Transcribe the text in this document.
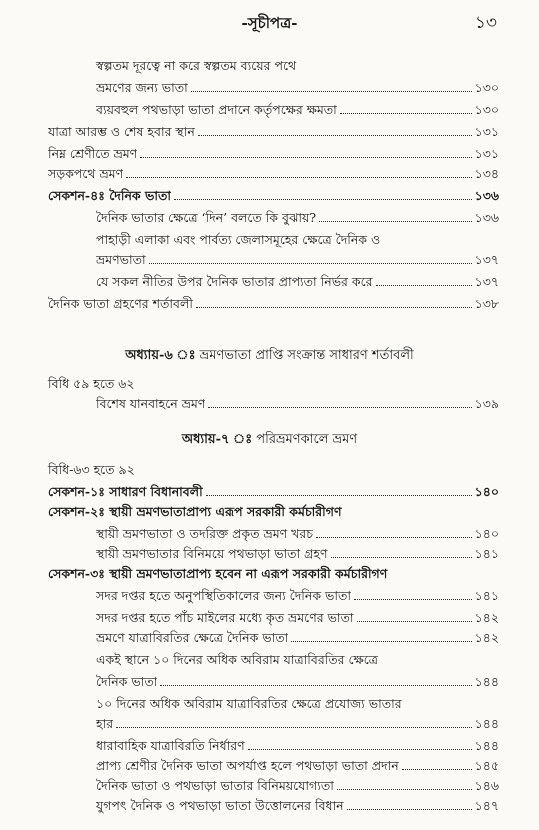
-সূচীপত্র-	১৩
স্বল্পতম দূরত্বে না করে স্বল্পতম ব্যয়ের পথে
ভ্রমণের জন্য ভাতা	১৩০
ব্যয়বহুল পথভাড়া ভাতা প্রদানে কর্তৃপক্ষের ক্ষমতা	১৩০
যাত্রা আরম্ভ ও শেষ হবার স্থান	১৩১
নিম্ন শ্রেণীতে ভ্রমণ	১৩১
সড়কপথে ভ্রমণ	১৩৪
সেকশন-৪ঃ দৈনিক ভাতা	১৩৬
দৈনিক ভাতার ক্ষেত্রে ‘দিন’ বলতে কি বুঝায়?	১৩৬
পাহাড়ী এলাকা এবং পার্বত্য জেলাসমূহের ক্ষেত্রে দৈনিক ও
ভ্রমণভাতা	১৩৭
যে সকল নীতির উপর দৈনিক ভাতার প্রাপ্যতা নির্ভর করে	১৩৭
দৈনিক ভাতা গ্রহণের শর্তাবলী	১৩৮
অধ্যায়-৬ ঃ ভ্রমণভাতা প্রাপ্তি সংক্রান্ত সাধারণ শর্তাবলী
বিধি ৫৯ হতে ৬২
বিশেষ যানবাহনে ভ্রমণ	১৩৯
অধ্যায়-৭ ঃ পরিভ্রমণকালে ভ্রমণ
বিধি-৬৩ হতে ৯২
সেকশন-১ঃ সাধারণ বিধানাবলী	১৪০
সেকশন-২ঃ স্থায়ী ভ্রমণভাতাপ্রাপ্য এরূপ সরকারী কর্মচারীগণ
স্থায়ী ভ্রমণভাতা ও তদরিক্ত প্রকৃত ভ্রমণ খরচ	১৪০
স্থায়ী ভ্রমণভাতার বিনিময়ে পথভাড়া ভাতা গ্রহণ	১৪১
সেকশন-৩ঃ স্থায়ী ভ্রমণভাতাপ্রাপ্য হবেন না এরূপ সরকারী কর্মচারীগণ
সদর দপ্তর হতে অনুপস্থিতিকালের জন্য দৈনিক ভাতা	১৪১
সদর দপ্তর হতে পাঁচ মাইলের মধ্যে কৃত ভ্রমণের ভাতা	১৪২
ভ্রমণে যাত্রাবিরতির ক্ষেত্রে দৈনিক ভাতা	১৪২
একই স্থানে ১০ দিনের অধিক অবিরাম যাত্রাবিরতির ক্ষেত্রে
দৈনিক ভাতা	১৪৪
১০ দিনের অধিক অবিরাম যাত্রাবিরতির ক্ষেত্রে প্রযোজ্য ভাতার
হার	১৪৪
ধারাবাহিক যাত্রাবিরতি নির্ধারণ	১৪৪
প্রাপ্য শ্রেণীর দৈনিক ভাতা অপর্যাপ্ত হলে পথভাড়া ভাতা প্রদান	১৪৫
দৈনিক ভাতা ও পথভাড়া ভাতার বিনিময়যোগ্যতা	১৪৬
যুগপৎ দৈনিক ও পথভাড়া ভাতা উত্তোলনের বিধান	১৪৭
